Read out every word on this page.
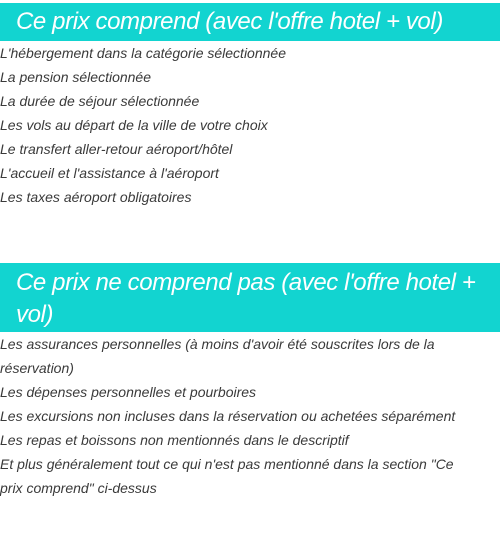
Ce prix comprend (avec l'offre hotel + vol)
L'hébergement dans la catégorie sélectionnée
La pension sélectionnée
La durée de séjour sélectionnée
Les vols au départ de la ville de votre choix
Le transfert aller-retour aéroport/hôtel
L'accueil et l'assistance à l'aéroport
Les taxes aéroport obligatoires
Ce prix ne comprend pas (avec l'offre hotel + vol)
Les assurances personnelles (à moins d'avoir été souscrites lors de la réservation)
Les dépenses personnelles et pourboires
Les excursions non incluses dans la réservation ou achetées séparément
Les repas et boissons non mentionnés dans le descriptif
Et plus généralement tout ce qui n'est pas mentionné dans la section "Ce prix comprend" ci-dessus
